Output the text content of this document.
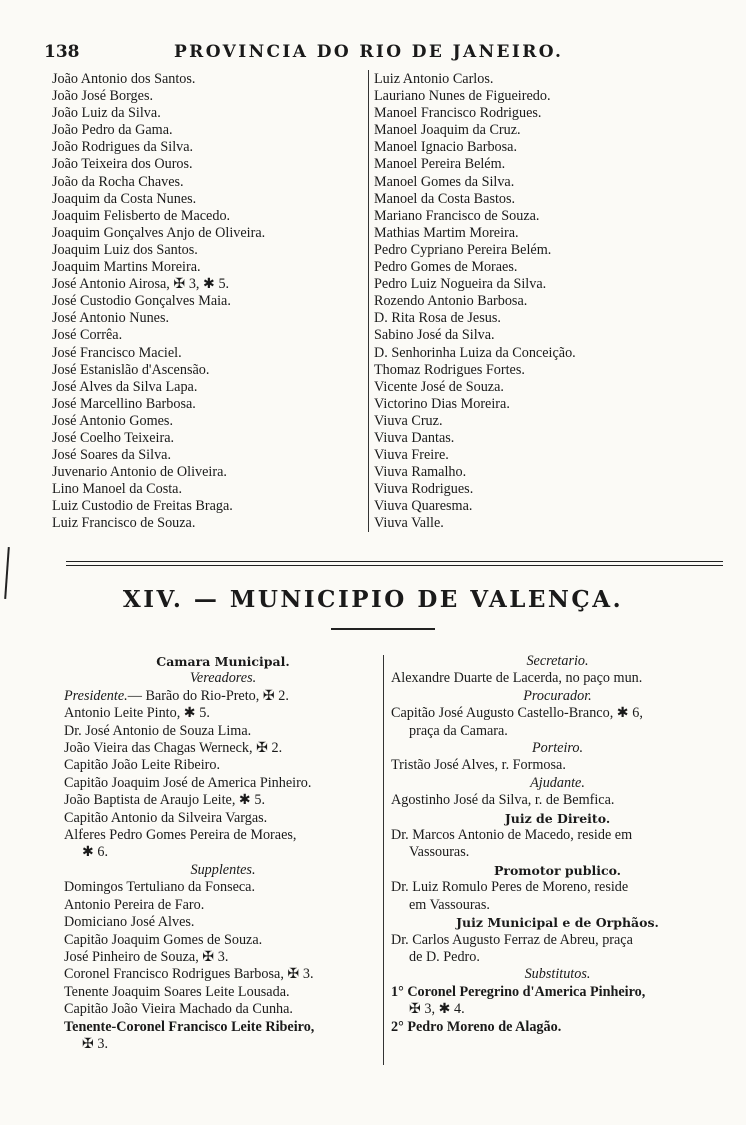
138	PROVINCIA DO RIO DE JANEIRO.
João Antonio dos Santos.
João José Borges.
João Luiz da Silva.
João Pedro da Gama.
João Rodrigues da Silva.
João Teixeira dos Ouros.
João da Rocha Chaves.
Joaquim da Costa Nunes.
Joaquim Felisberto de Macedo.
Joaquim Gonçalves Anjo de Oliveira.
Joaquim Luiz dos Santos.
Joaquim Martins Moreira.
José Antonio Airosa, ✠ 3, ✱ 5.
José Custodio Gonçalves Maia.
José Antonio Nunes.
José Corrêa.
José Francisco Maciel.
José Estanislão d'Ascensão.
José Alves da Silva Lapa.
José Marcellino Barbosa.
José Antonio Gomes.
José Coelho Teixeira.
José Soares da Silva.
Juvenario Antonio de Oliveira.
Lino Manoel da Costa.
Luiz Custodio de Freitas Braga.
Luiz Francisco de Souza.
Luiz Antonio Carlos.
Lauriano Nunes de Figueiredo.
Manoel Francisco Rodrigues.
Manoel Joaquim da Cruz.
Manoel Ignacio Barbosa.
Manoel Pereira Belém.
Manoel Gomes da Silva.
Manoel da Costa Bastos.
Mariano Francisco de Souza.
Mathias Martim Moreira.
Pedro Cypriano Pereira Belém.
Pedro Gomes de Moraes.
Pedro Luiz Nogueira da Silva.
Rozendo Antonio Barbosa.
D. Rita Rosa de Jesus.
Sabino José da Silva.
D. Senhorinha Luiza da Conceição.
Thomaz Rodrigues Fortes.
Vicente José de Souza.
Victorino Dias Moreira.
Viuva Cruz.
Viuva Dantas.
Viuva Freire.
Viuva Ramalho.
Viuva Rodrigues.
Viuva Quaresma.
Viuva Valle.
XIV. — MUNICIPIO DE VALENÇA.
Camara Municipal.
Vereadores.
Presidente.— Barão do Rio-Preto, ✠ 2.
Antonio Leite Pinto, ✱ 5.
Dr. José Antonio de Souza Lima.
João Vieira das Chagas Werneck, ✠ 2.
Capitão João Leite Ribeiro.
Capitão Joaquim José de America Pinheiro.
João Baptista de Araujo Leite, ✱ 5.
Capitão Antonio da Silveira Vargas.
Alferes Pedro Gomes Pereira de Moraes,
✱ 6.
Supplentes.
Domingos Tertuliano da Fonseca.
Antonio Pereira de Faro.
Domiciano José Alves.
Capitão Joaquim Gomes de Souza.
José Pinheiro de Souza, ✠ 3.
Coronel Francisco Rodrigues Barbosa, ✠ 3.
Tenente Joaquim Soares Leite Lousada.
Capitão João Vieira Machado da Cunha.
Tenente-Coronel Francisco Leite Ribeiro,
✠ 3.
Secretario.
Alexandre Duarte de Lacerda, no paço mun.
Procurador.
Capitão José Augusto Castello-Branco, ✱ 6,
praça da Camara.
Porteiro.
Tristão José Alves, r. Formosa.
Ajudante.
Agostinho José da Silva, r. de Bemfica.
Juiz de Direito.
Dr. Marcos Antonio de Macedo, reside em
Vassouras.
Promotor publico.
Dr. Luiz Romulo Peres de Moreno, reside
em Vassouras.
Juiz Municipal e de Orphãos.
Dr. Carlos Augusto Ferraz de Abreu, praça
de D. Pedro.
Substitutos.
1° Coronel Peregrino d'America Pinheiro,
✠ 3, ✱ 4.
2° Pedro Moreno de Alagão.
